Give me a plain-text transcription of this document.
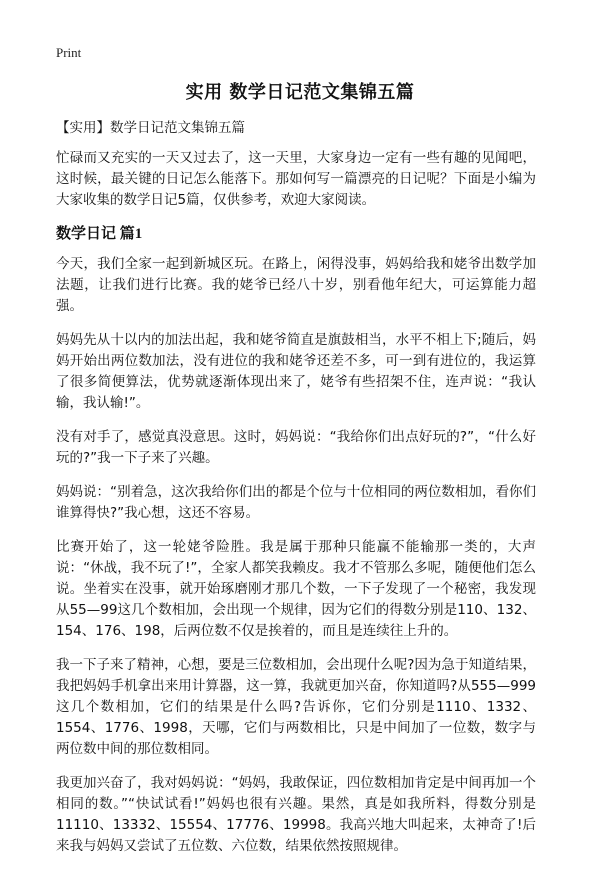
Print
实用 数学日记范文集锦五篇

【实用】数学日记范文集锦五篇

忙碌而又充实的一天又过去了，这一天里，大家身边一定有一些有趣的见闻吧，这时候，最关键的日记怎么能落下。那如何写一篇漂亮的日记呢？下面是小编为大家收集的数学日记5篇，仅供参考，欢迎大家阅读。

数学日记 篇1

今天，我们全家一起到新城区玩。在路上，闲得没事，妈妈给我和姥爷出数学加法题，让我们进行比赛。我的姥爷已经八十岁，别看他年纪大，可运算能力超强。

妈妈先从十以内的加法出起，我和姥爷简直是旗鼓相当，水平不相上下;随后，妈妈开始出两位数加法，没有进位的我和姥爷还差不多，可一到有进位的，我运算了很多简便算法，优势就逐渐体现出来了，姥爷有些招架不住，连声说：“我认输，我认输!”。

没有对手了，感觉真没意思。这时，妈妈说：“我给你们出点好玩的?”，“什么好玩的?”我一下子来了兴趣。

妈妈说：“别着急，这次我给你们出的都是个位与十位相同的两位数相加，看你们谁算得快?”我心想，这还不容易。

比赛开始了，这一轮姥爷险胜。我是属于那种只能赢不能输那一类的，大声说：“休战，我不玩了!”，全家人都笑我赖皮。我才不管那么多呢，随便他们怎么说。坐着实在没事，就开始琢磨刚才那几个数，一下子发现了一个秘密，我发现从55—99这几个数相加，会出现一个规律，因为它们的得数分别是110、132、154、176、198，后两位数不仅是挨着的，而且是连续往上升的。

我一下子来了精神，心想，要是三位数相加，会出现什么呢?因为急于知道结果，我把妈妈手机拿出来用计算器，这一算，我就更加兴奋，你知道吗?从555—999这几个数相加，它们的结果是什么吗?告诉你，它们分别是1110、1332、1554、1776、1998，天哪，它们与两数相比，只是中间加了一位数，数字与两位数中间的那位数相同。

我更加兴奋了，我对妈妈说：“妈妈，我敢保证，四位数相加肯定是中间再加一个相同的数。”“快试试看!”妈妈也很有兴趣。果然，真是如我所料，得数分别是11110、13332、15554、17776、19998。我高兴地大叫起来，太神奇了!后来我与妈妈又尝试了五位数、六位数，结果依然按照规律。
